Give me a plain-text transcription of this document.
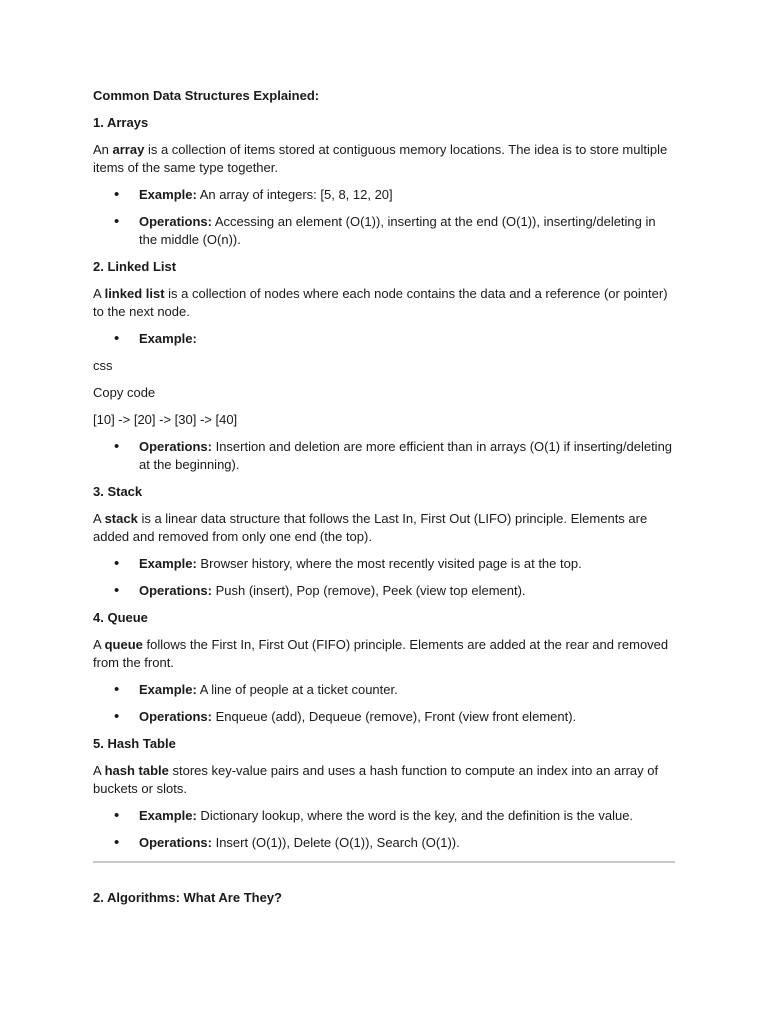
Common Data Structures Explained:

1. Arrays

An array is a collection of items stored at contiguous memory locations. The idea is to store multiple items of the same type together.

• Example: An array of integers: [5, 8, 12, 20]
• Operations: Accessing an element (O(1)), inserting at the end (O(1)), inserting/deleting in the middle (O(n)).

2. Linked List

A linked list is a collection of nodes where each node contains the data and a reference (or pointer) to the next node.

• Example:

css

Copy code

[10] -> [20] -> [30] -> [40]

• Operations: Insertion and deletion are more efficient than in arrays (O(1) if inserting/deleting at the beginning).

3. Stack

A stack is a linear data structure that follows the Last In, First Out (LIFO) principle. Elements are added and removed from only one end (the top).

• Example: Browser history, where the most recently visited page is at the top.
• Operations: Push (insert), Pop (remove), Peek (view top element).

4. Queue

A queue follows the First In, First Out (FIFO) principle. Elements are added at the rear and removed from the front.

• Example: A line of people at a ticket counter.
• Operations: Enqueue (add), Dequeue (remove), Front (view front element).

5. Hash Table

A hash table stores key-value pairs and uses a hash function to compute an index into an array of buckets or slots.

• Example: Dictionary lookup, where the word is the key, and the definition is the value.
• Operations: Insert (O(1)), Delete (O(1)), Search (O(1)).

2. Algorithms: What Are They?
